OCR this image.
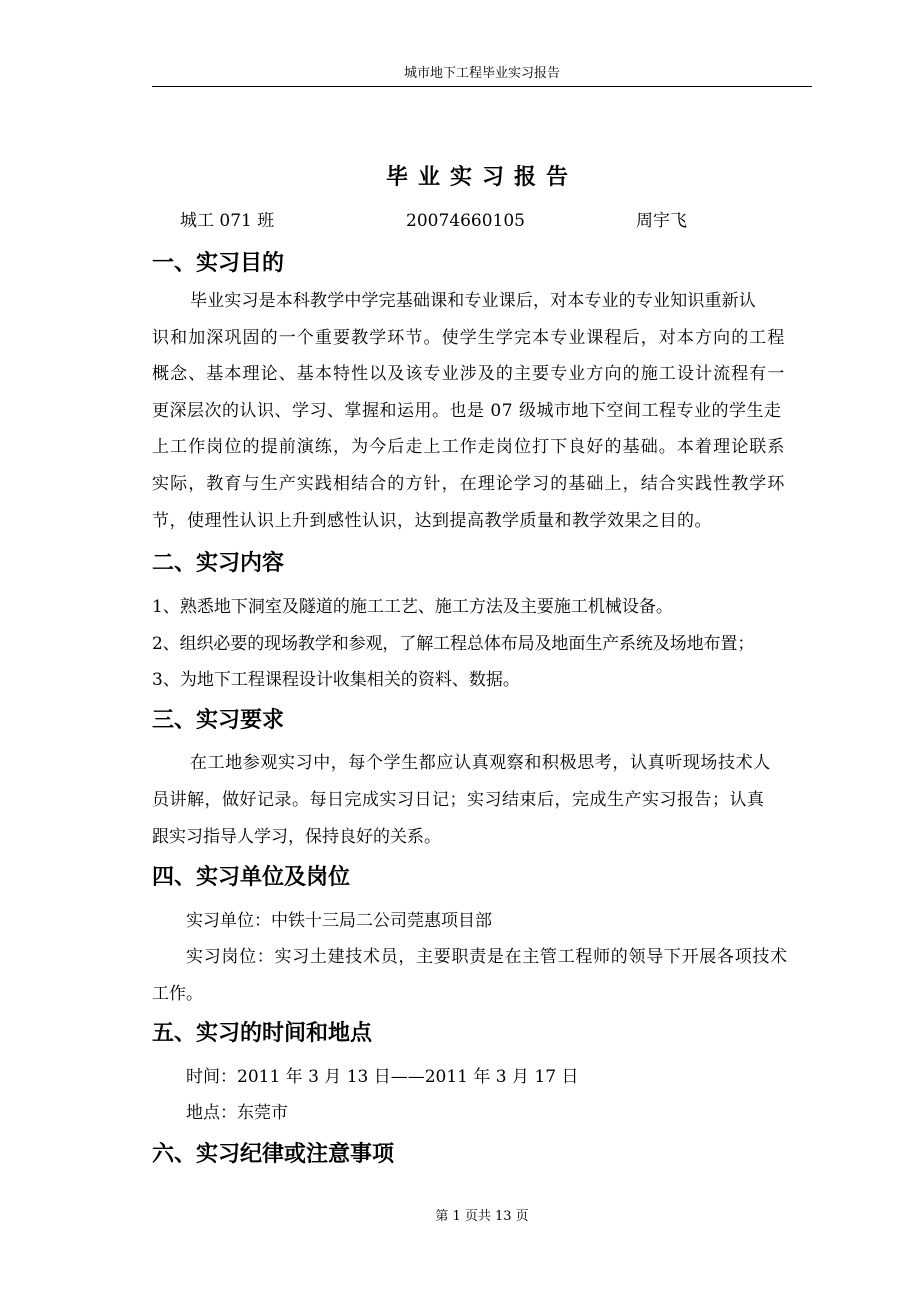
城市地下工程毕业实习报告
毕业实习报告
城工 071 班	20074660105	周宇飞
一、实习目的
毕业实习是本科教学中学完基础课和专业课后，对本专业的专业知识重新认
识和加深巩固的一个重要教学环节。使学生学完本专业课程后，对本方向的工程
概念、基本理论、基本特性以及该专业涉及的主要专业方向的施工设计流程有一
更深层次的认识、学习、掌握和运用。也是 07 级城市地下空间工程专业的学生走
上工作岗位的提前演练，为今后走上工作走岗位打下良好的基础。本着理论联系
实际，教育与生产实践相结合的方针，在理论学习的基础上，结合实践性教学环
节，使理性认识上升到感性认识，达到提高教学质量和教学效果之目的。
二、实习内容
1、熟悉地下洞室及隧道的施工工艺、施工方法及主要施工机械设备。
2、组织必要的现场教学和参观，了解工程总体布局及地面生产系统及场地布置；
3、为地下工程课程设计收集相关的资料、数据。
三、实习要求
在工地参观实习中，每个学生都应认真观察和积极思考，认真听现场技术人
员讲解，做好记录。每日完成实习日记；实习结束后，完成生产实习报告；认真
跟实习指导人学习，保持良好的关系。
四、实习单位及岗位
实习单位：中铁十三局二公司莞惠项目部
实习岗位：实习土建技术员，主要职责是在主管工程师的领导下开展各项技术
工作。
五、实习的时间和地点
时间：2011 年 3 月 13 日——2011 年 3 月 17 日
地点：东莞市
六、实习纪律或注意事项
第 1 页共 13 页
